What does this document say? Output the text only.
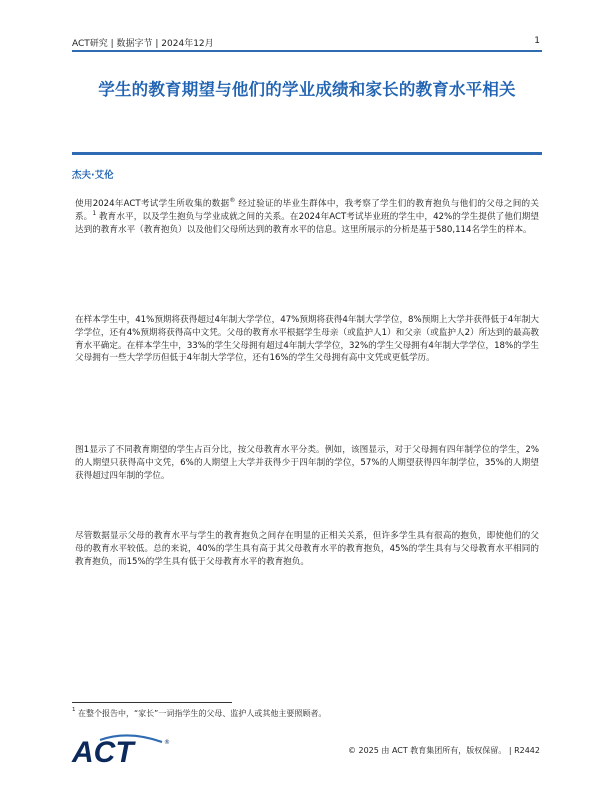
ACT研究 | 数据字节 | 2024年12月	1
学生的教育期望与他们的学业成绩和家长的教育水平相关
杰夫·艾伦
使用2024年ACT考试学生所收集的数据® 经过验证的毕业生群体中，我考察了学生们的教育抱负与他们的父母之间的关系。$^1$ 教育水平，以及学生抱负与学业成就之间的关系。在2024年ACT考试毕业班的学生中，42%的学生提供了他们期望达到的教育水平（教育抱负）以及他们父母所达到的教育水平的信息。这里所展示的分析是基于580,114名学生的样本。
在样本学生中，41%预期将获得超过4年制大学学位，47%预期将获得4年制大学学位，8%预期上大学并获得低于4年制大学学位，还有4%预期将获得高中文凭。父母的教育水平根据学生母亲（或监护人1）和父亲（或监护人2）所达到的最高教育水平确定。在样本学生中，33%的学生父母拥有超过4年制大学学位，32%的学生父母拥有4年制大学学位，18%的学生父母拥有一些大学学历但低于4年制大学学位，还有16%的学生父母拥有高中文凭或更低学历。
图1显示了不同教育期望的学生占百分比，按父母教育水平分类。例如，该图显示，对于父母拥有四年制学位的学生，2%的人期望只获得高中文凭，6%的人期望上大学并获得少于四年制的学位，57%的人期望获得四年制学位，35%的人期望获得超过四年制的学位。
尽管数据显示父母的教育水平与学生的教育抱负之间存在明显的正相关关系，但许多学生具有很高的抱负，即使他们的父母的教育水平较低。总的来说，40%的学生具有高于其父母教育水平的教育抱负，45%的学生具有与父母教育水平相同的教育抱负，而15%的学生具有低于父母教育水平的教育抱负。
$^1$ 在整个报告中，“家长”一词指学生的父母、监护人或其他主要照顾者。
ACT	®
© 2025 由 ACT 教育集团所有，版权保留。 | R2442
